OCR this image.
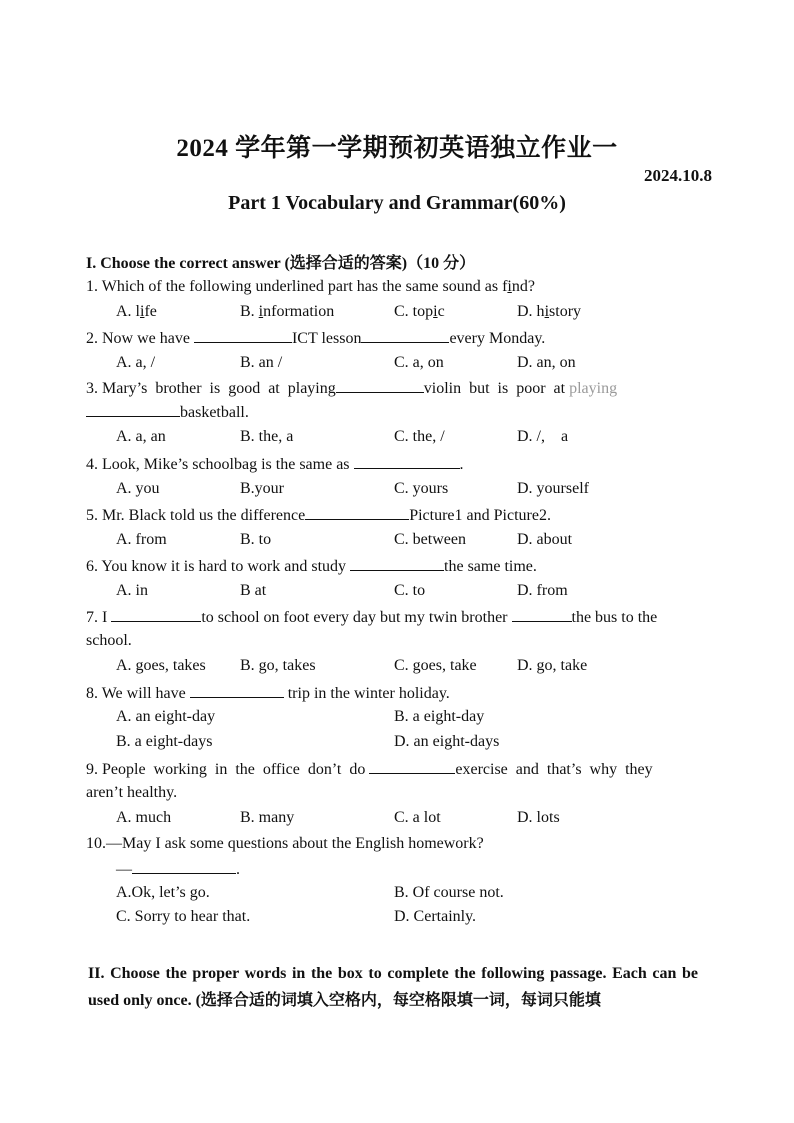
2024 学年第一学期预初英语独立作业一
2024.10.8
Part 1 Vocabulary and Grammar(60%)
I. Choose the correct answer (选择合适的答案)（10 分）
1. Which of the following underlined part has the same sound as find?
A. life	B. information	C. topic	D. history
2. Now we have	ICT lesson	every Monday.
A. a, /	B. an /	C. a, on	D. an, on
3. Mary’s  brother  is  good  at  playing	violin  but  is  poor  at playing
basketball.
A. a, an	B. the, a	C. the, /	D. /,    a
4. Look, Mike’s schoolbag is the same as	.
A. you	B.your	C. yours	D. yourself
5. Mr. Black told us the difference	Picture1 and Picture2.
A. from	B. to	C. between	D. about
6. You know it is hard to work and study	the same time.
A. in	B at	C. to	D. from
7. I	to school on foot every day but my twin brother	the bus to the
school.
A. goes, takes B. go, takes	C. goes, take	D. go, take
8. We will have	trip in the winter holiday.
A. an eight-day	B. a eight-day
B. a eight-days	D. an eight-days
9. People  working  in  the  office  don’t  do	exercise  and  that’s  why  they
aren’t healthy.
A. much	B. many	C. a lot	D. lots
10.—May I ask some questions about the English homework?
—	.
A.Ok, let’s go.	B. Of course not.
C. Sorry to hear that.	D. Certainly.
II. Choose the proper words in the box to complete the following passage. Each can be used only once. (选择合适的词填入空格内，每空格限填一词，每词只能填
